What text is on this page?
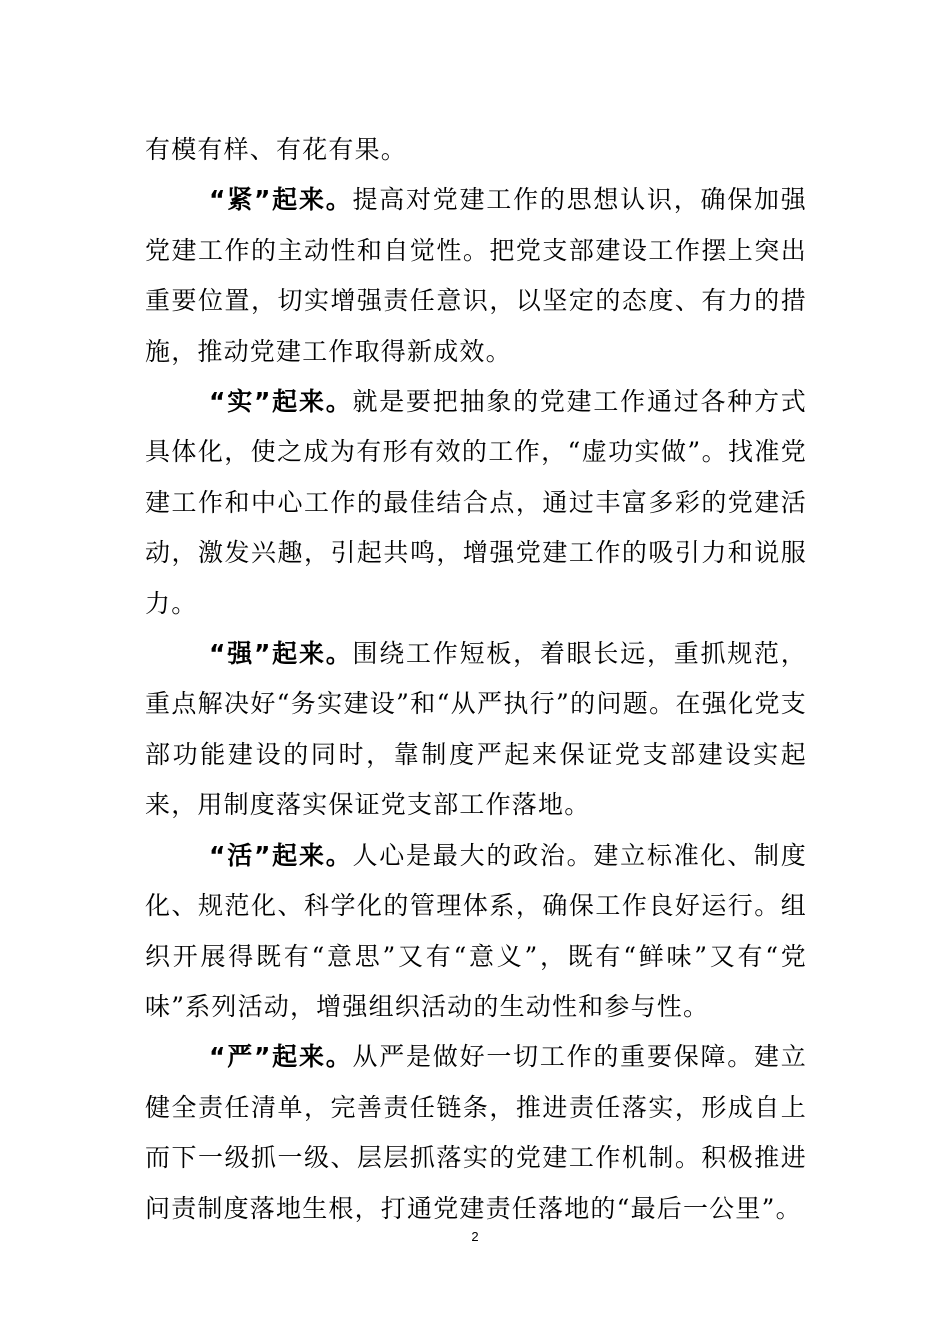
有模有样、有花有果。

“紧”起来。提高对党建工作的思想认识，确保加强党建工作的主动性和自觉性。把党支部建设工作摆上突出重要位置，切实增强责任意识，以坚定的态度、有力的措施，推动党建工作取得新成效。

“实”起来。就是要把抽象的党建工作通过各种方式具体化，使之成为有形有效的工作，“虚功实做”。找准党建工作和中心工作的最佳结合点，通过丰富多彩的党建活动，激发兴趣，引起共鸣，增强党建工作的吸引力和说服力。

“强”起来。围绕工作短板，着眼长远，重抓规范，重点解决好“务实建设”和“从严执行”的问题。在强化党支部功能建设的同时，靠制度严起来保证党支部建设实起来，用制度落实保证党支部工作落地。

“活”起来。人心是最大的政治。建立标准化、制度化、规范化、科学化的管理体系，确保工作良好运行。组织开展得既有“意思”又有“意义”，既有“鲜味”又有“党味”系列活动，增强组织活动的生动性和参与性。

“严”起来。从严是做好一切工作的重要保障。建立健全责任清单，完善责任链条，推进责任落实，形成自上而下一级抓一级、层层抓落实的党建工作机制。积极推进问责制度落地生根，打通党建责任落地的“最后一公里”。

2
